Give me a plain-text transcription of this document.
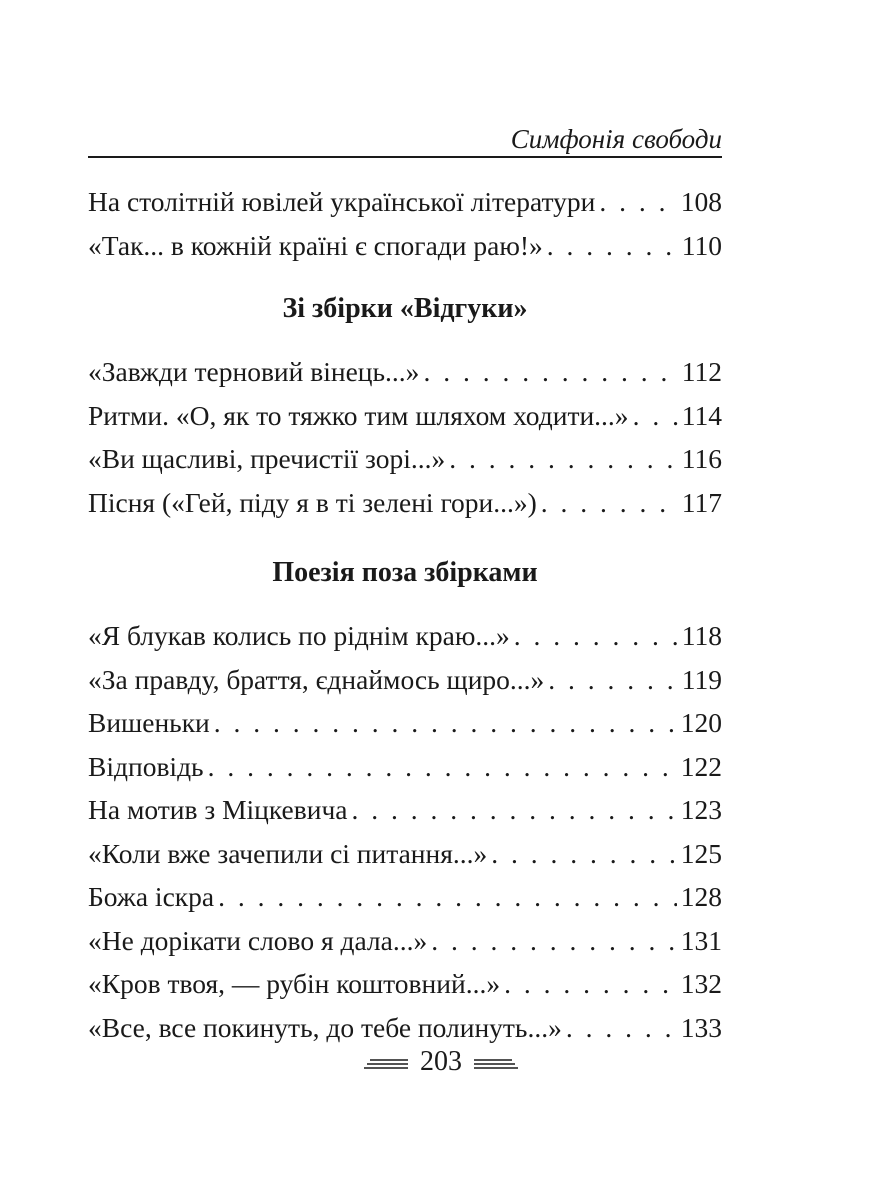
Симфонія свободи
На столітній ювілей української літератури . . .	108
«Так... в кожній країні є спогади раю!» . . .	110
Зі збірки «Відгуки»
«Завжди терновий вінець...» . . .	112
Ритми. «О, як то тяжко тим шляхом ходити...» . . . 114
«Ви щасливі, пречистії зорі...» . . .	116
Пісня («Гей, піду я в ті зелені гори...») . . .	117
Поезія поза збірками
«Я блукав колись по ріднім краю...» . . .	118
«За правду, браття, єднаймось щиро...» . . .	119
Вишеньки . . .	120
Відповідь . . .	122
На мотив з Міцкевича . . .	123
«Коли вже зачепили сі питання...» . . .	125
Божа іскра . . .	128
«Не дорікати слово я дала...» . . .	131
«Кров твоя, — рубін коштовний...» . . .	132
«Все, все покинуть, до тебе полинуть...» . . .	133
203
